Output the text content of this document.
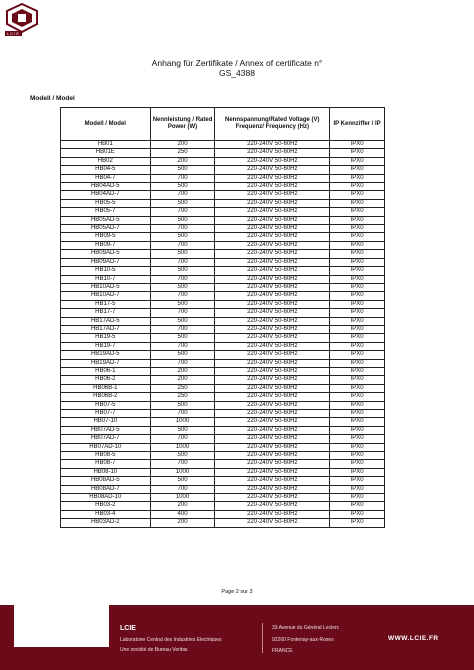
LCIE
Anhang für Zertifikate / Annex of certificate n°
GS_4388
Modell / Model
Modell / Model	Nennleistung / Rated Power (W)	Nennspannung/Rated Voltage (V) Frequenz/ Frequency (Hz)	IP Kennziffer / IP
HB01	200	220-240V 50-60Hz	IPX0
HB01E	250	220-240V 50-60Hz	IPX0
HB02	200	220-240V 50-60Hz	IPX0
HB04-5	500	220-240V 50-60Hz	IPX0
HB04-7	700	220-240V 50-60Hz	IPX0
HB04AD-5	500	220-240V 50-60Hz	IPX0
HB04AD-7	700	220-240V 50-60Hz	IPX0
HB05-5	500	220-240V 50-60Hz	IPX0
HB05-7	700	220-240V 50-60Hz	IPX0
HB05AD-5	500	220-240V 50-60Hz	IPX0
HB05AD-7	700	220-240V 50-60Hz	IPX0
HB09-5	500	220-240V 50-60Hz	IPX0
HB09-7	700	220-240V 50-60Hz	IPX0
HB09AD-5	500	220-240V 50-60Hz	IPX0
HB09AD-7	700	220-240V 50-60Hz	IPX0
HB10-5	500	220-240V 50-60Hz	IPX0
HB10-7	700	220-240V 50-60Hz	IPX0
HB10AD-5	500	220-240V 50-60Hz	IPX0
HB10AD-7	700	220-240V 50-60Hz	IPX0
HB17-5	500	220-240V 50-60Hz	IPX0
HB17-7	700	220-240V 50-60Hz	IPX0
HB17AD-5	500	220-240V 50-60Hz	IPX0
HB17AD-7	700	220-240V 50-60Hz	IPX0
HB19-5	500	220-240V 50-60Hz	IPX0
HB19-7	700	220-240V 50-60Hz	IPX0
HB19AD-5	500	220-240V 50-60Hz	IPX0
HB19AD-7	700	220-240V 50-60Hz	IPX0
HB06-1	200	220-240V 50-60Hz	IPX0
HB06-2	200	220-240V 50-60Hz	IPX0
HB06B-1	250	220-240V 50-60Hz	IPX0
HB06B-2	250	220-240V 50-60Hz	IPX0
HB07-5	500	220-240V 50-60Hz	IPX0
HB07-7	700	220-240V 50-60Hz	IPX0
HB07-10	1000	220-240V 50-60Hz	IPX0
HB07AD-5	500	220-240V 50-60Hz	IPX0
HB07AD-7	700	220-240V 50-60Hz	IPX0
HB07AD-10	1000	220-240V 50-60Hz	IPX0
HB08-5	500	220-240V 50-60Hz	IPX0
HB08-7	700	220-240V 50-60Hz	IPX0
HB08-10	1000	220-240V 50-60Hz	IPX0
HB08AD-5	500	220-240V 50-60Hz	IPX0
HB08AD-7	700	220-240V 50-60Hz	IPX0
HB08AD-10	1000	220-240V 50-60Hz	IPX0
HB03-2	200	220-240V 50-60Hz	IPX0
HB03-4	400	220-240V 50-60Hz	IPX0
HB03AD-2	200	220-240V 50-60Hz	IPX0
Page 2 sur 3
LCIE
Laboratoire Central des Industries Electriques
Une société de Bureau Veritas
33 Avenue du Général Leclerc
92260 Fontenay-aux-Roses
FRANCE
WWW.LCIE.FR
